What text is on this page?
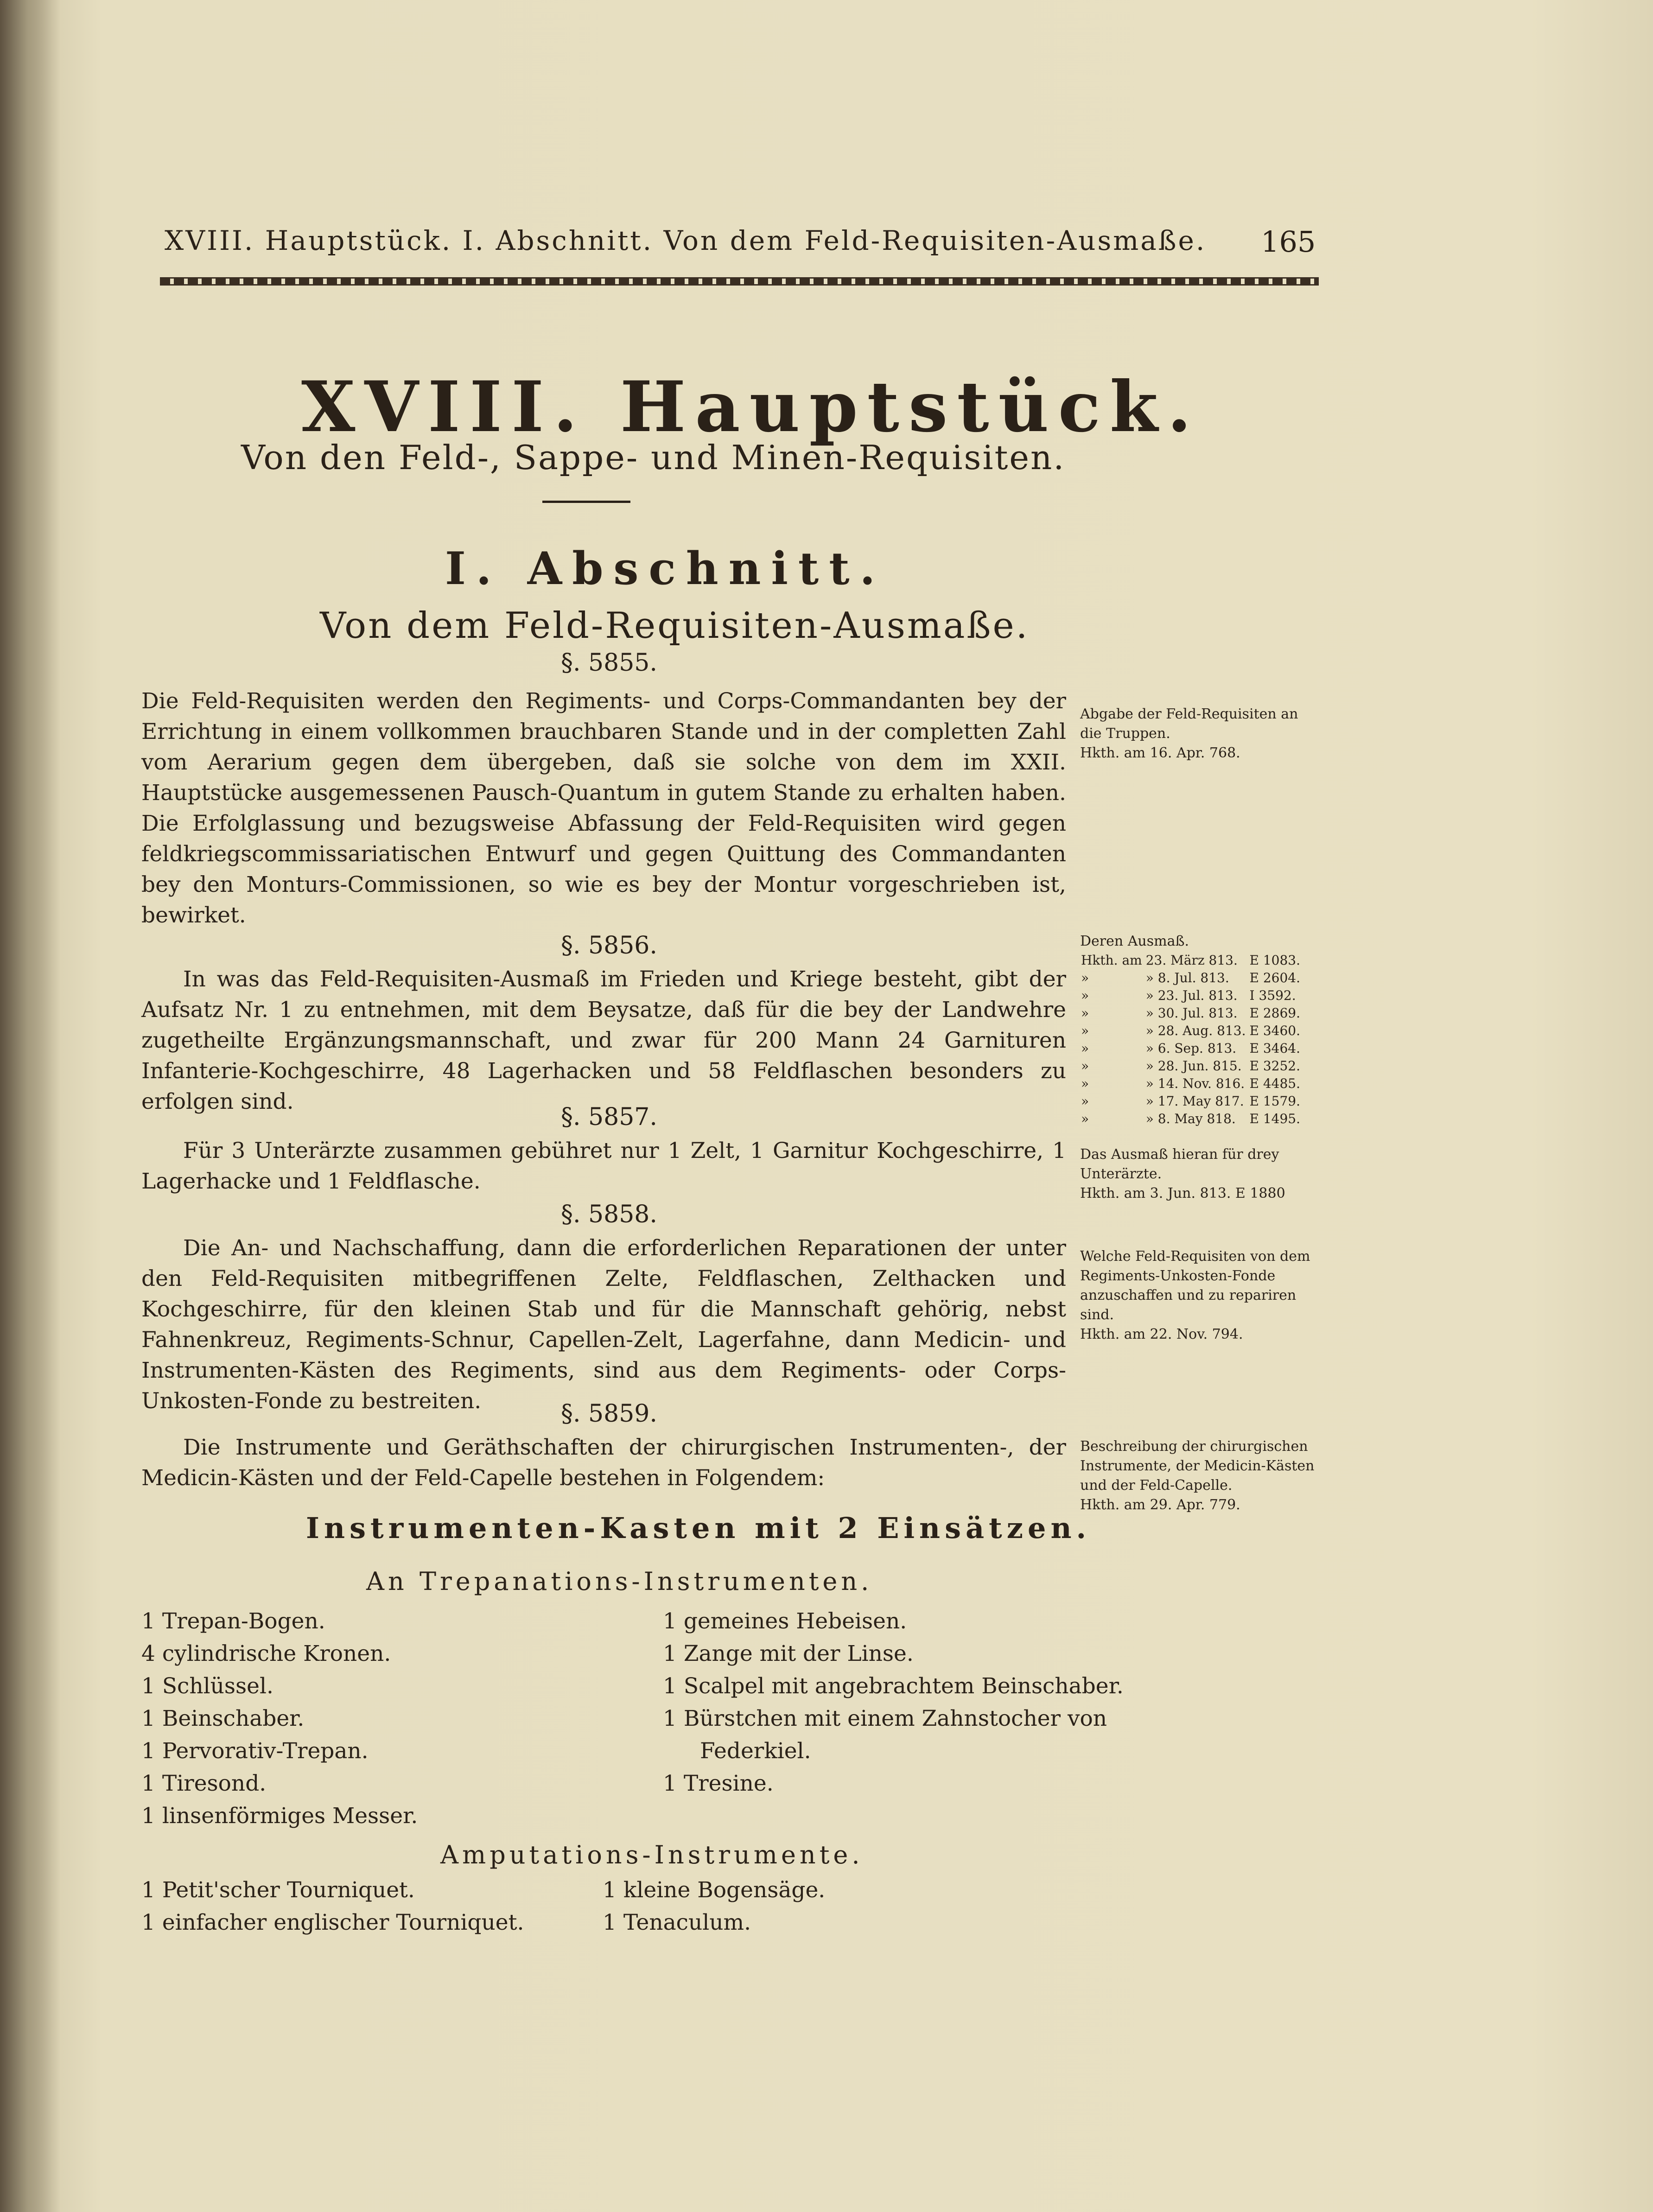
XVIII. Hauptstück. I. Abschnitt. Von dem Feld-Requisiten-Ausmaße.	165
XVIII. Hauptstück.
Von den Feld-, Sappe- und Minen-Requisiten.
I. Abschnitt.
Von dem Feld-Requisiten-Ausmaße.
§. 5855.
Die Feld-Requisiten werden den Regiments- und Corps-Commandanten bey der Errichtung in einem vollkommen brauchbaren Stande und in der completten Zahl vom Aerarium gegen dem übergeben, daß sie solche von dem im XXII. Hauptstücke ausgemessenen Pausch-Quantum in gutem Stande zu erhalten haben. Die Erfolglassung und bezugsweise Abfassung der Feld-Requisiten wird gegen feldkriegscommissariatischen Entwurf und gegen Quittung des Commandanten bey den Monturs-Commissionen, so wie es bey der Montur vorgeschrieben ist, bewirket.
§. 5856.
In was das Feld-Requisiten-Ausmaß im Frieden und Kriege besteht, gibt der Aufsatz Nr. 1 zu entnehmen, mit dem Beysatze, daß für die bey der Landwehre zugetheilte Ergänzungsmannschaft, und zwar für 200 Mann 24 Garnituren Infanterie-Kochgeschirre, 48 Lagerhacken und 58 Feldflaschen besonders zu erfolgen sind.
§. 5857.
Für 3 Unterärzte zusammen gebühret nur 1 Zelt, 1 Garnitur Kochgeschirre, 1 Lagerhacke und 1 Feldflasche.
§. 5858.
Die An- und Nachschaffung, dann die erforderlichen Reparationen der unter den Feld-Requisiten mitbegriffenen Zelte, Feldflaschen, Zelthacken und Kochgeschirre, für den kleinen Stab und für die Mannschaft gehörig, nebst Fahnenkreuz, Regiments-Schnur, Capellen-Zelt, Lagerfahne, dann Medicin- und Instrumenten-Kästen des Regiments, sind aus dem Regiments- oder Corps-Unkosten-Fonde zu bestreiten.	§. 5859.
Die Instrumente und Geräthschaften der chirurgischen Instrumenten-, der Medicin-Kästen und der Feld-Capelle bestehen in Folgendem:
Abgabe der Feld-Requisiten an die Truppen.
Hkth. am 16. Apr. 768.
Deren Ausmaß.
Hkth. am	23. März 813.	E 1083.
»	» 8. Jul. 813.	E 2604.
»	» 23. Jul. 813.	I 3592.
»	» 30. Jul. 813.	E 2869.
»	» 28. Aug. 813.	E 3460.
»	» 6. Sep. 813.	E 3464.
»	» 28. Jun. 815.	E 3252.
»	» 14. Nov. 816.	E 4485.
»	» 17. May 817.	E 1579.
»	» 8. May 818.	E 1495.
Das Ausmaß hieran für drey Unterärzte.
Hkth. am 3. Jun. 813. E 1880
Welche Feld-Requisiten von dem Regiments-Unkosten-Fonde anzuschaffen und zu repariren sind.
Hkth. am 22. Nov. 794.
Beschreibung der chirurgischen Instrumente, der Medicin-Kästen und der Feld-Capelle.
Hkth. am 29. Apr. 779.
Instrumenten-Kasten mit 2 Einsätzen.
An Trepanations-Instrumenten.
1 Trepan-Bogen.
4 cylindrische Kronen.
1 Schlüssel.
1 Beinschaber.
1 Pervorativ-Trepan.
1 Tiresond.
1 linsenförmiges Messer.
1 gemeines Hebeisen.
1 Zange mit der Linse.
1 Scalpel mit angebrachtem Beinschaber.
1 Bürstchen mit einem Zahnstocher von
Federkiel.
1 Tresine.
Amputations-Instrumente.
1 Petit'scher Tourniquet.
1 einfacher englischer Tourniquet.
1 kleine Bogensäge.
1 Tenaculum.
